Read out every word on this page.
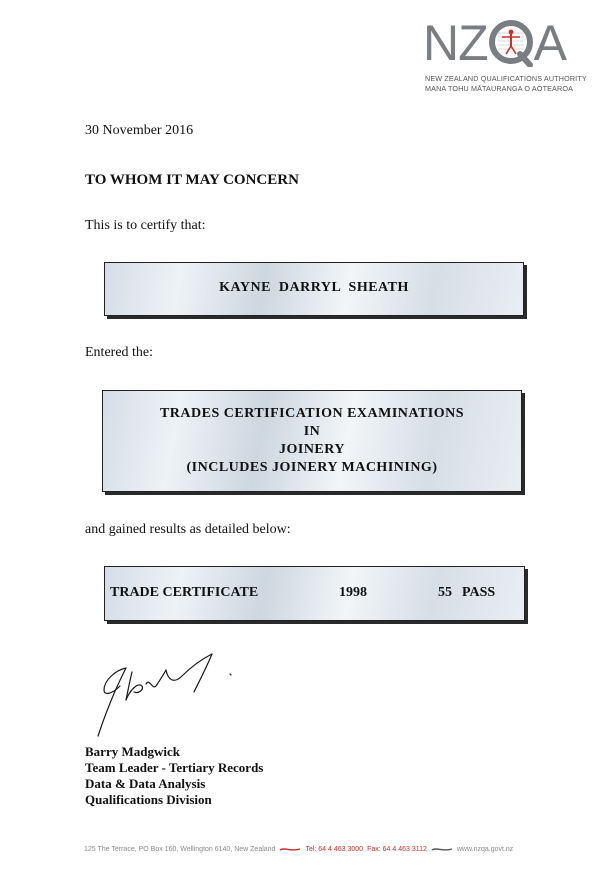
NZ A
NEW ZEALAND QUALIFICATIONS AUTHORITY
MANA TOHU MĀTAURANGA O AOTEAROA
30 November 2016
TO WHOM IT MAY CONCERN
This is to certify that:
KAYNE  DARRYL  SHEATH
Entered the:
TRADES CERTIFICATION EXAMINATIONS
IN
JOINERY
(INCLUDES JOINERY MACHINING)
and gained results as detailed below:
TRADE CERTIFICATE	1998	55 PASS
Barry Madgwick
Team Leader - Tertiary Records
Data & Data Analysis
Qualifications Division
125 The Terrace, PO Box 160, Wellington 6140, New Zealand	Tel: 64 4 463 3000 Fax: 64 4 463 3112	www.nzqa.govt.nz
